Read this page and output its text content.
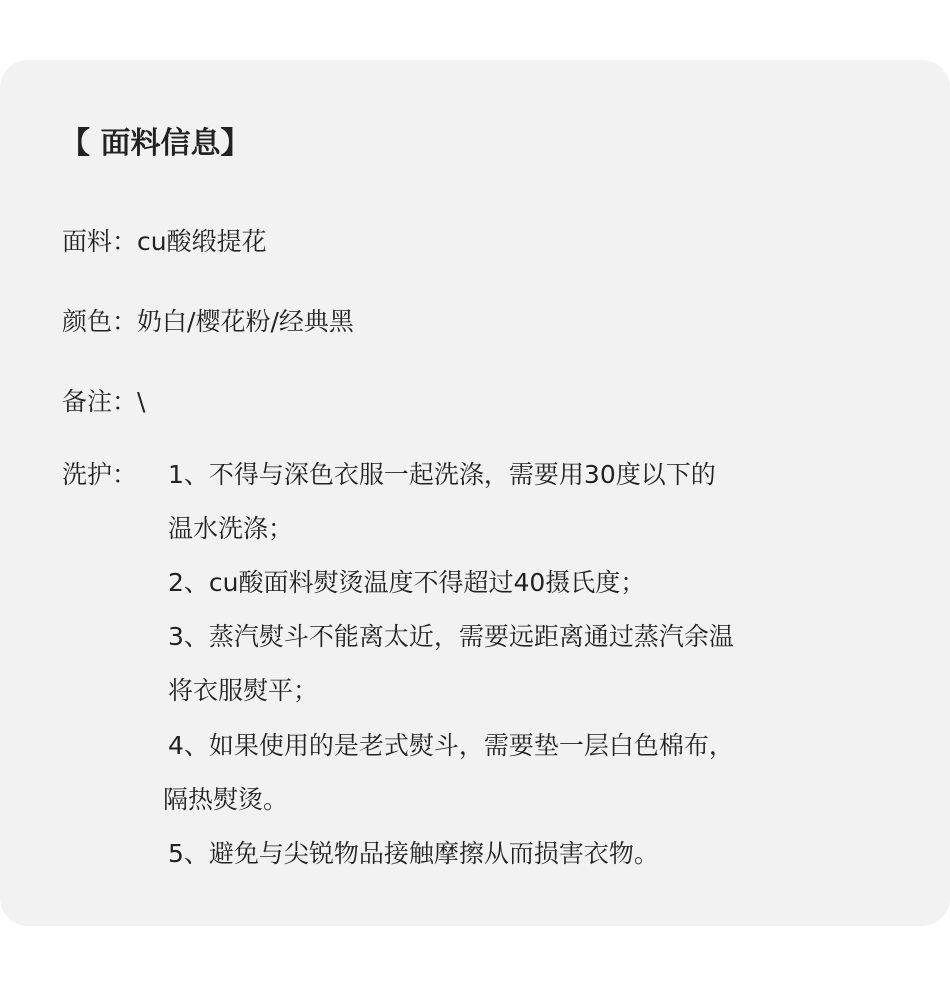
【 面料信息】
面料：cu酸缎提花
颜色：奶白/樱花粉/经典黑
备注：\
洗护： 1、不得与深色衣服一起洗涤，需要用30度以下的
温水洗涤；
2、cu酸面料熨烫温度不得超过40摄氏度；
3、蒸汽熨斗不能离太近，需要远距离通过蒸汽余温
将衣服熨平；
4、如果使用的是老式熨斗，需要垫一层白色棉布，
隔热熨烫。
5、避免与尖锐物品接触摩擦从而损害衣物。
